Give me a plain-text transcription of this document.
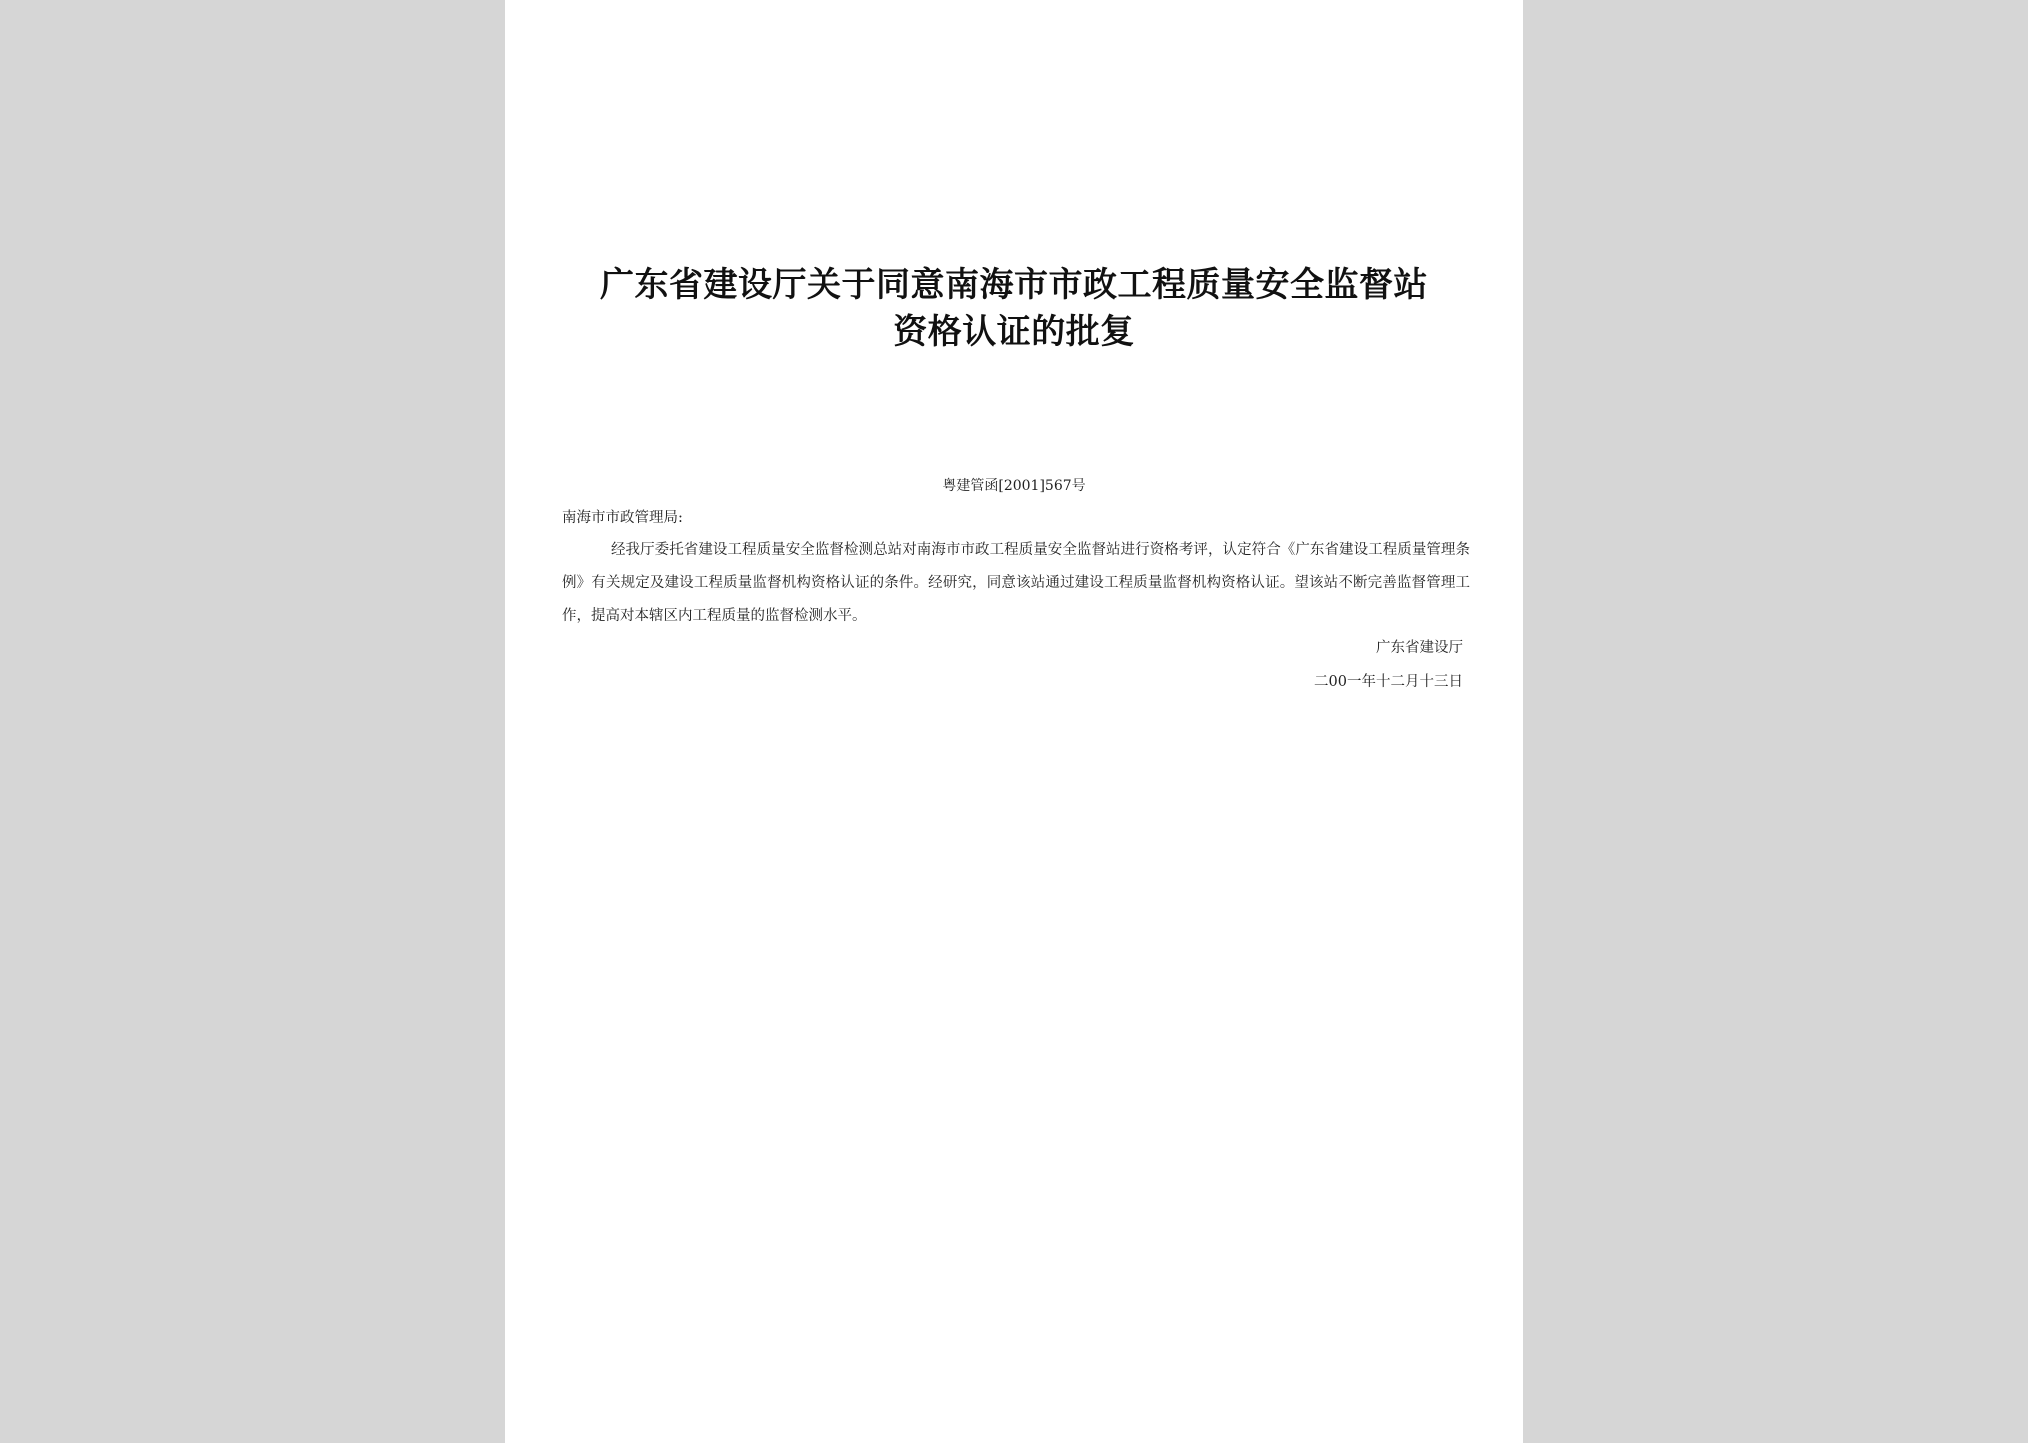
广东省建设厅关于同意南海市市政工程质量安全监督站
资格认证的批复
粤建管函[2001]567号
南海市市政管理局:
经我厅委托省建设工程质量安全监督检测总站对南海市市政工程质量安全监督站进行资格考评，认定符合《广东省建设工程质量管理条例》有关规定及建设工程质量监督机构资格认证的条件。经研究，同意该站通过建设工程质量监督机构资格认证。望该站不断完善监督管理工作，提高对本辖区内工程质量的监督检测水平。
广东省建设厅
二00一年十二月十三日
